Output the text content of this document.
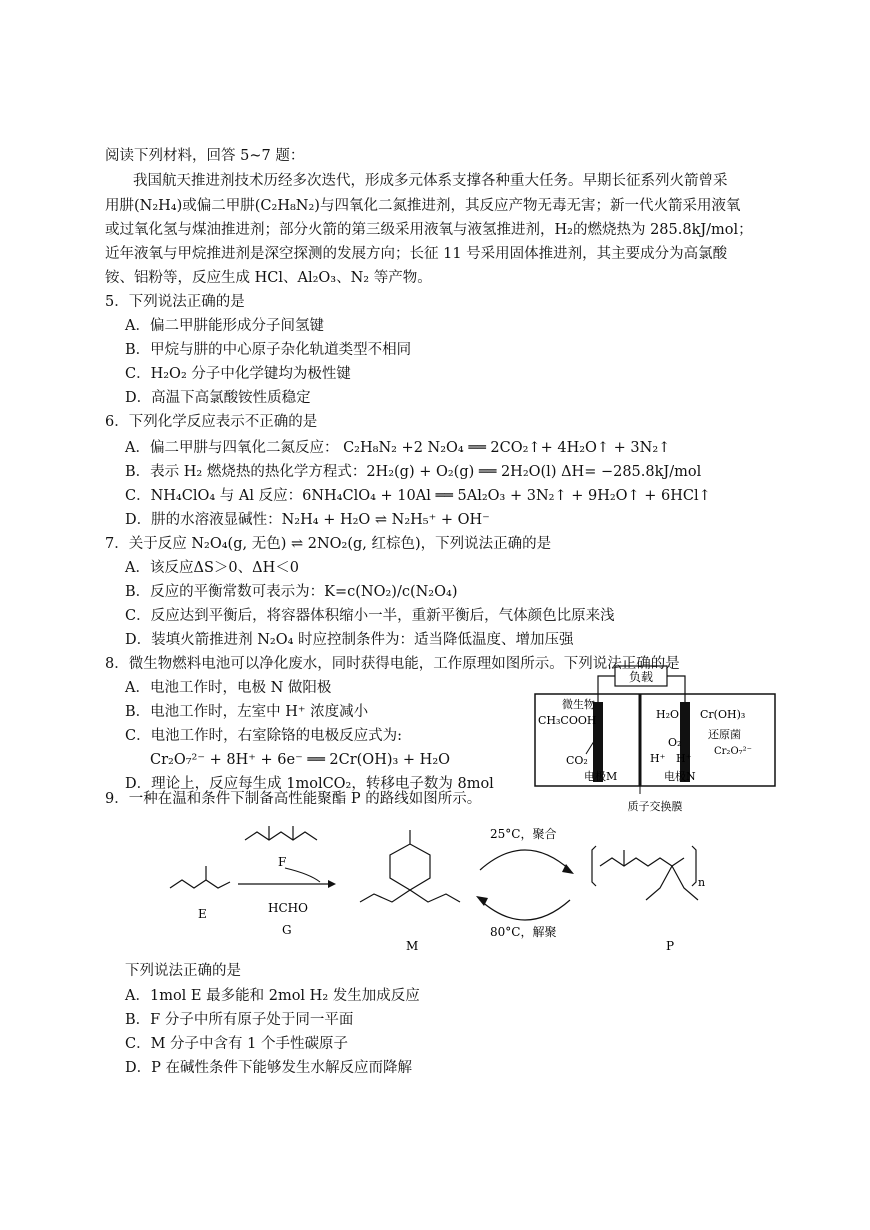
阅读下列材料，回答 5~7 题：
我国航天推进剂技术历经多次迭代，形成多元体系支撑各种重大任务。早期长征系列火箭曾采
用肼(N₂H₄)或偏二甲肼(C₂H₈N₂)与四氧化二氮推进剂，其反应产物无毒无害；新一代火箭采用液氧
或过氧化氢与煤油推进剂；部分火箭的第三级采用液氧与液氢推进剂，H₂的燃烧热为 285.8kJ/mol；
近年液氧与甲烷推进剂是深空探测的发展方向；长征 11 号采用固体推进剂，其主要成分为高氯酸
铵、铝粉等，反应生成 HCl、Al₂O₃、N₂ 等产物。
5．下列说法正确的是
A．偏二甲肼能形成分子间氢键
B．甲烷与肼的中心原子杂化轨道类型不相同
C．H₂O₂ 分子中化学键均为极性键
D．高温下高氯酸铵性质稳定
6．下列化学反应表示不正确的是
A．偏二甲肼与四氧化二氮反应： C₂H₈N₂ +2 N₂O₄ ══ 2CO₂↑+ 4H₂O↑ + 3N₂↑
B．表示 H₂ 燃烧热的热化学方程式：2H₂(g) + O₂(g) ══ 2H₂O(l) ΔH= −285.8kJ/mol
C．NH₄ClO₄ 与 Al 反应：6NH₄ClO₄ + 10Al ══ 5Al₂O₃ + 3N₂↑ + 9H₂O↑ + 6HCl↑
D．肼的水溶液显碱性：N₂H₄ + H₂O ⇌ N₂H₅⁺ + OH⁻
7．关于反应 N₂O₄(g, 无色) ⇌ 2NO₂(g, 红棕色)，下列说法正确的是
A．该反应ΔS＞0、ΔH＜0
B．反应的平衡常数可表示为：K=c(NO₂)/c(N₂O₄)
C．反应达到平衡后，将容器体积缩小一半，重新平衡后，气体颜色比原来浅
D．装填火箭推进剂 N₂O₄ 时应控制条件为：适当降低温度、增加压强
8．微生物燃料电池可以净化废水，同时获得电能，工作原理如图所示。下列说法正确的是
A．电池工作时，电极 N 做阳极
B．电池工作时，左室中 H⁺ 浓度减小
C．电池工作时，右室除铬的电极反应式为:
Cr₂O₇²⁻ + 8H⁺ + 6e⁻ ══ 2Cr(OH)₃ + H₂O
D．理论上，反应每生成 1molCO₂，转移电子数为 8mol
负载
微生物
CH₃COOH
CO₂
电极M	电极N
H₂O Cr(OH)₃
还原菌
Cr₂O₇²⁻
O₂
H⁺ H⁺
质子交换膜
9．一种在温和条件下制备高性能聚酯 P 的路线如图所示。
E
F
HCHO
G
M
25°C，聚合
80°C，解聚
n
P
下列说法正确的是
A．1mol E 最多能和 2mol H₂ 发生加成反应
B．F 分子中所有原子处于同一平面
C．M 分子中含有 1 个手性碳原子
D．P 在碱性条件下能够发生水解反应而降解
